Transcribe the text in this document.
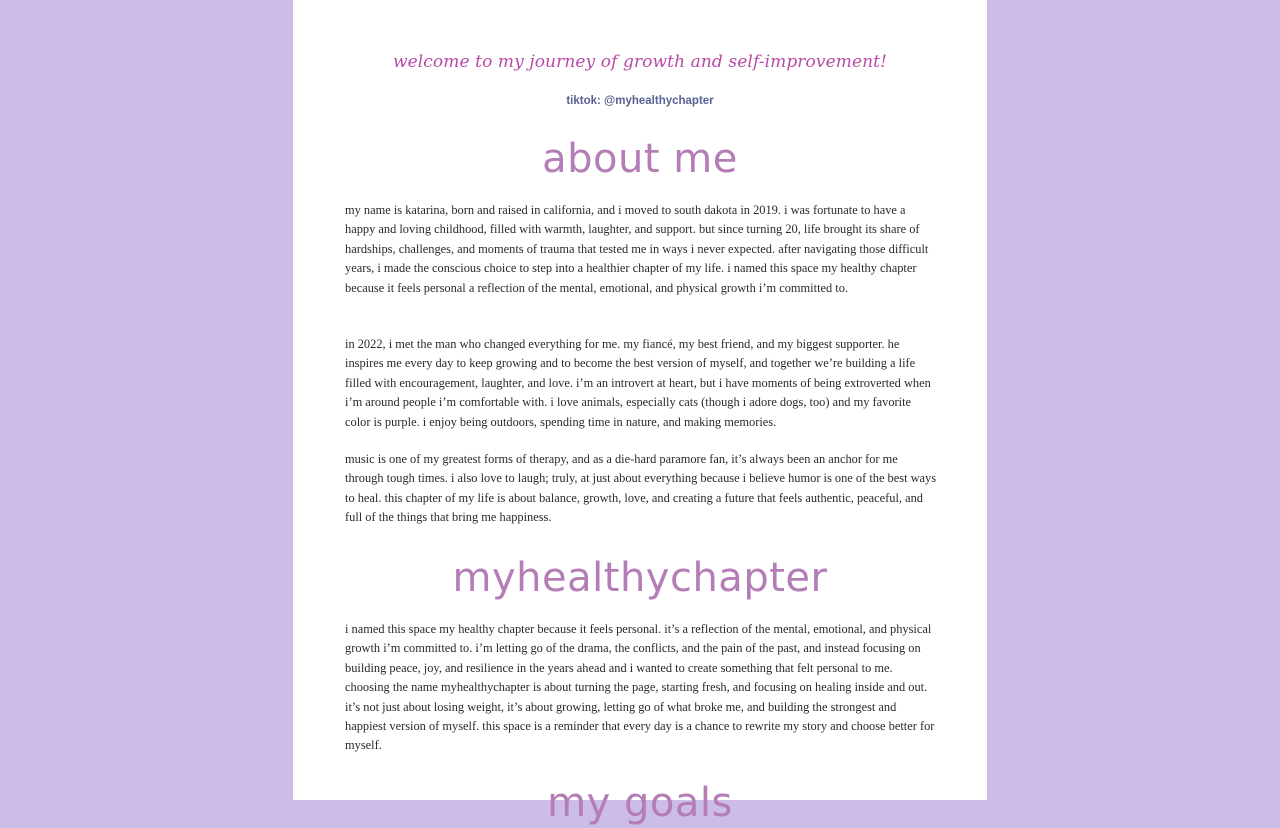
welcome to my journey of growth and self-improvement!
tiktok: @myhealthychapter
about me

my name is katarina, born and raised in california, and i moved to south dakota in 2019. i was fortunate to have a happy and loving childhood, filled with warmth, laughter, and support. but since turning 20, life brought its share of hardships, challenges, and moments of trauma that tested me in ways i never expected. after navigating those difficult years, i made the conscious choice to step into a healthier chapter of my life. i named this space my healthy chapter because it feels personal a reflection of the mental, emotional, and physical growth i’m committed to.

in 2022, i met the man who changed everything for me. my fiancé, my best friend, and my biggest supporter. he inspires me every day to keep growing and to become the best version of myself, and together we’re building a life filled with encouragement, laughter, and love. i’m an introvert at heart, but i have moments of being extroverted when i’m around people i’m comfortable with. i love animals, especially cats (though i adore dogs, too) and my favorite color is purple. i enjoy being outdoors, spending time in nature, and making memories.

music is one of my greatest forms of therapy, and as a die-hard paramore fan, it’s always been an anchor for me through tough times. i also love to laugh; truly, at just about everything because i believe humor is one of the best ways to heal. this chapter of my life is about balance, growth, love, and creating a future that feels authentic, peaceful, and full of the things that bring me happiness.

myhealthychapter

i named this space my healthy chapter because it feels personal. it’s a reflection of the mental, emotional, and physical growth i’m committed to. i’m letting go of the drama, the conflicts, and the pain of the past, and instead focusing on building peace, joy, and resilience in the years ahead and i wanted to create something that felt personal to me. choosing the name myhealthychapter is about turning the page, starting fresh, and focusing on healing inside and out. it’s not just about losing weight, it’s about growing, letting go of what broke me, and building the strongest and happiest version of myself. this space is a reminder that every day is a chance to rewrite my story and choose better for myself.

my goals
